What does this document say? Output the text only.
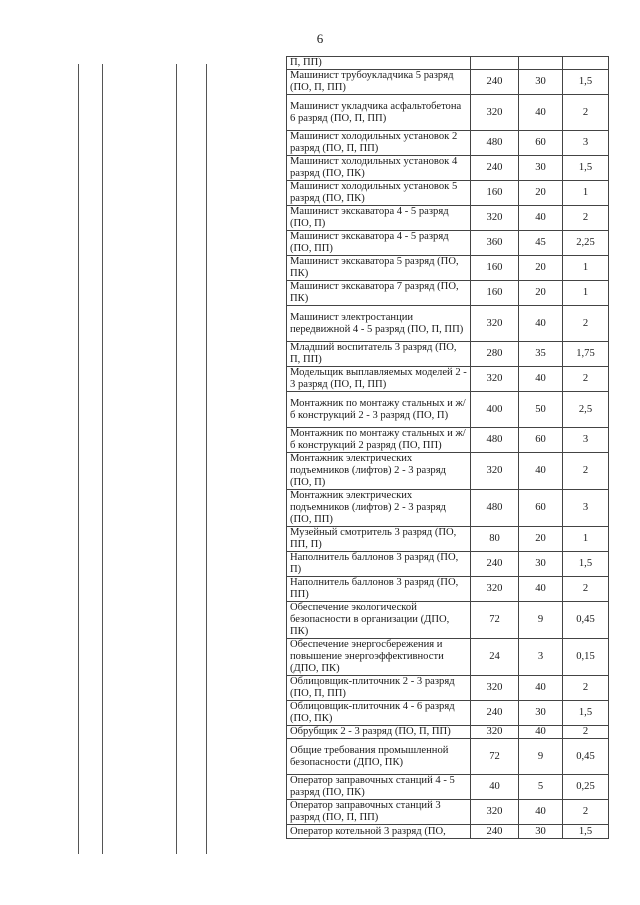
6
П, ПП)			
Машинист трубоукладчика 5 разряд (ПО, П, ПП)	240	30	1,5
Машинист укладчика асфальтобетона 6 разряд (ПО, П, ПП)	320	40	2
Машинист холодильных установок 2 разряд (ПО, П, ПП)	480	60	3
Машинист холодильных установок 4 разряд (ПО, ПК)	240	30	1,5
Машинист холодильных установок 5 разряд (ПО, ПК)	160	20	1
Машинист экскаватора 4 - 5 разряд (ПО, П)	320	40	2
Машинист экскаватора 4 - 5 разряд (ПО, ПП)	360	45	2,25
Машинист экскаватора 5 разряд (ПО, ПК)	160	20	1
Машинист экскаватора 7 разряд (ПО, ПК)	160	20	1
Машинист электростанции передвижной 4 - 5 разряд (ПО, П, ПП)	320	40	2
Младший воспитатель 3 разряд (ПО, П, ПП)	280	35	1,75
Модельщик выплавляемых моделей 2 - 3 разряд (ПО, П, ПП)	320	40	2
Монтажник по монтажу стальных и ж/б конструкций 2 - 3 разряд (ПО, П)	400	50	2,5
Монтажник по монтажу стальных и ж/б конструкций 2 разряд (ПО, ПП)	480	60	3
Монтажник электрических подъемников (лифтов) 2 - 3 разряд (ПО, П)	320	40	2
Монтажник электрических подъемников (лифтов) 2 - 3 разряд (ПО, ПП)	480	60	3
Музейный смотритель 3 разряд (ПО, ПП, П)	80	20	1
Наполнитель баллонов 3 разряд (ПО, П)	240	30	1,5
Наполнитель баллонов 3 разряд (ПО, ПП)	320	40	2
Обеспечение экологической безопасности в организации (ДПО, ПК)	72	9	0,45
Обеспечение энергосбережения и повышение энергоэффективности (ДПО, ПК)	24	3	0,15
Облицовщик-плиточник 2 - 3 разряд (ПО, П, ПП)	320	40	2
Облицовщик-плиточник 4 - 6 разряд (ПО, ПК)	240	30	1,5
Обрубщик 2 - 3 разряд (ПО, П, ПП)	320	40	2
Общие требования промышленной безопасности (ДПО, ПК)	72	9	0,45
Оператор заправочных станций 4 - 5 разряд (ПО, ПК)	40	5	0,25
Оператор заправочных станций 3 разряд (ПО, П, ПП)	320	40	2
Оператор котельной 3 разряд (ПО,	240	30	1,5
